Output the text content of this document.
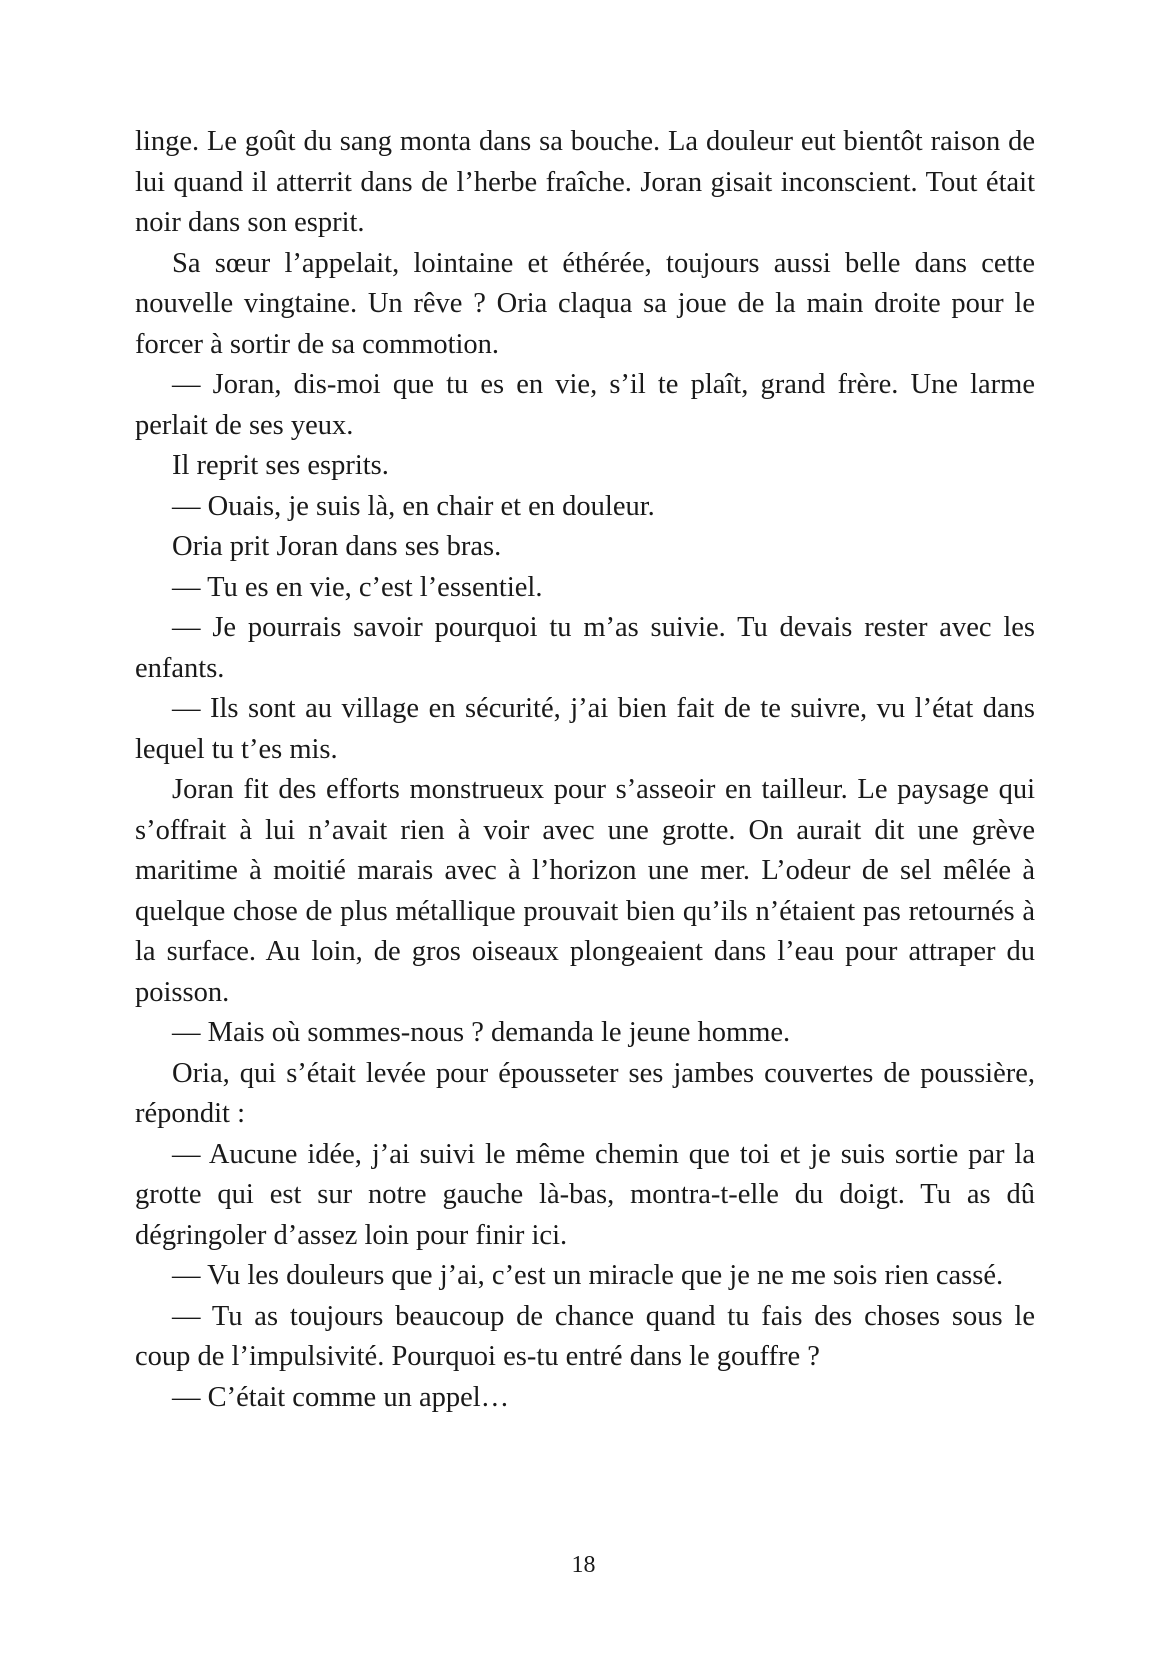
linge. Le goût du sang monta dans sa bouche. La douleur eut bientôt raison de lui quand il atterrit dans de l’herbe fraîche. Joran gisait inconscient. Tout était noir dans son esprit.

Sa sœur l’appelait, lointaine et éthérée, toujours aussi belle dans cette nouvelle vingtaine. Un rêve ? Oria claqua sa joue de la main droite pour le forcer à sortir de sa commotion.

— Joran, dis-moi que tu es en vie, s’il te plaît, grand frère. Une larme perlait de ses yeux.

Il reprit ses esprits.

— Ouais, je suis là, en chair et en douleur.

Oria prit Joran dans ses bras.

— Tu es en vie, c’est l’essentiel.

— Je pourrais savoir pourquoi tu m’as suivie. Tu devais rester avec les enfants.

— Ils sont au village en sécurité, j’ai bien fait de te suivre, vu l’état dans lequel tu t’es mis.

Joran fit des efforts monstrueux pour s’asseoir en tailleur. Le paysage qui s’offrait à lui n’avait rien à voir avec une grotte. On aurait dit une grève maritime à moitié marais avec à l’horizon une mer. L’odeur de sel mêlée à quelque chose de plus métallique prouvait bien qu’ils n’étaient pas retournés à la surface. Au loin, de gros oiseaux plongeaient dans l’eau pour attraper du poisson.

— Mais où sommes-nous ? demanda le jeune homme.

Oria, qui s’était levée pour épousseter ses jambes couvertes de poussière, répondit :

— Aucune idée, j’ai suivi le même chemin que toi et je suis sortie par la grotte qui est sur notre gauche là-bas, montra-t-elle du doigt. Tu as dû dégringoler d’assez loin pour finir ici.

— Vu les douleurs que j’ai, c’est un miracle que je ne me sois rien cassé.

— Tu as toujours beaucoup de chance quand tu fais des choses sous le coup de l’impulsivité. Pourquoi es-tu entré dans le gouffre ?

— C’était comme un appel…

18
